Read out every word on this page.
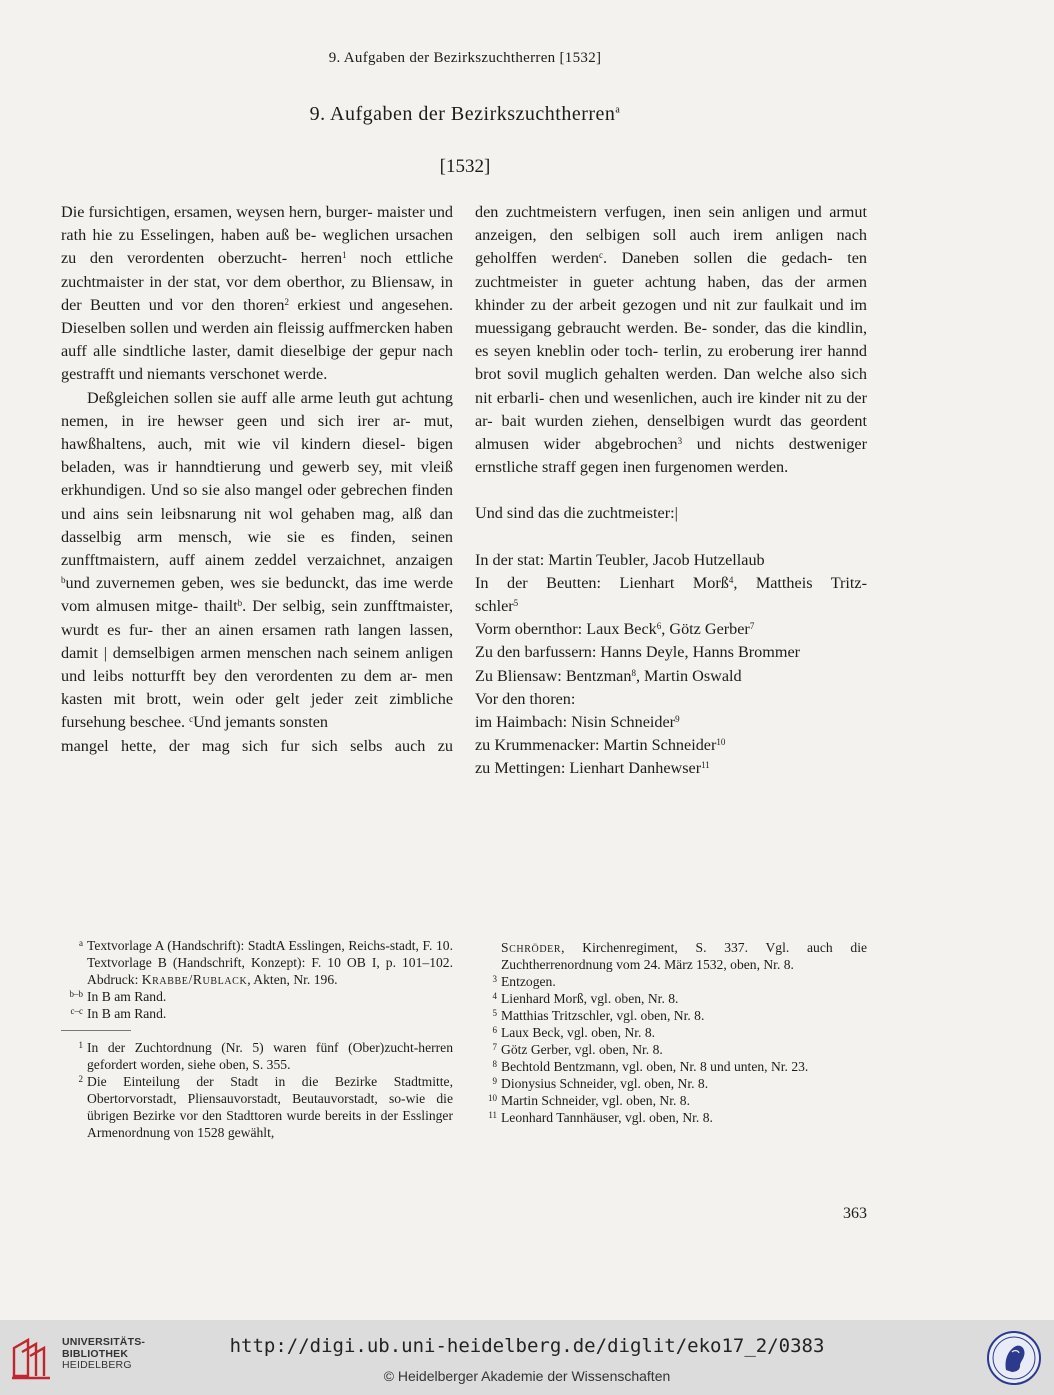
9. Aufgaben der Bezirkszuchtherren [1532]
9. Aufgaben der Bezirkszuchtherren$^a$
[1532]

Die fursichtigen, ersamen, weysen hern, burger- maister und rath hie zu Esselingen, haben auß be- weglichen ursachen zu den verordenten oberzucht- herren$^1$ noch ettliche zuchtmaister in der stat, vor dem oberthor, zu Bliensaw, in der Beutten und vor den thoren$^2$ erkiest und angesehen. Dieselben sollen und werden ain fleissig auffmercken haben auff alle sindtliche laster, damit dieselbige der gepur nach gestrafft und niemants verschonet werde.

Deßgleichen sollen sie auff alle arme leuth gut achtung nemen, in ire hewser geen und sich irer ar- mut, hawßhaltens, auch, mit wie vil kindern diesel- bigen beladen, was ir hanndtierung und gewerb sey, mit vleiß erkhundigen. Und so sie also mangel oder gebrechen finden und ains sein leibsnarung nit wol gehaben mag, alß dan dasselbig arm mensch, wie sie es finden, seinen zunfftmaistern, auff ainem zeddel verzaichnet, anzaigen $^b$und zuvernemen geben, wes sie bedunckt, das ime werde vom almusen mitge- thailt$^b$. Der selbig, sein zunfftmaister, wurdt es fur- ther an ainen ersamen rath langen lassen, damit | demselbigen armen menschen nach seinem anligen und leibs notturfft bey den verordenten zu dem ar- men kasten mit brott, wein oder gelt jeder zeit zimbliche fursehung beschee. $^c$Und jemants sonsten

mangel hette, der mag sich fur sich selbs auch zu

den zuchtmeistern verfugen, inen sein anligen und armut anzeigen, den selbigen soll auch irem anligen nach geholffen werden$^c$. Daneben sollen die gedach- ten zuchtmeister in gueter achtung haben, das der armen khinder zu der arbeit gezogen und nit zur faulkait und im muessigang gebraucht werden. Be- sonder, das die kindlin, es seyen kneblin oder toch- terlin, zu eroberung irer hannd brot sovil muglich gehalten werden. Dan welche also sich nit erbarli- chen und wesenlichen, auch ire kinder nit zu der ar- bait wurden ziehen, denselbigen wurdt das geordent almusen wider abgebrochen$^3$ und nichts destweniger ernstliche straff gegen inen furgenomen werden.

Und sind das die zuchtmeister:|

In der stat: Martin Teubler, Jacob Hutzellaub
In der Beutten: Lienhart Morß$^4$, Mattheis Tritz-
schler$^5$
Vorm obernthor: Laux Beck$^6$, Götz Gerber$^7$
Zu den barfussern: Hanns Deyle, Hanns Brommer
Zu Bliensaw: Bentzman$^8$, Martin Oswald
Vor den thoren:
im Haimbach: Nisin Schneider$^9$
zu Krummenacker: Martin Schneider$^{10}$
zu Mettingen: Lienhart Danhewser$^{11}$
a Textvorlage A (Handschrift): StadtA Esslingen, Reichs-stadt, F. 10. Textvorlage B (Handschrift, Konzept): F. 10 OB I, p. 101–102. Abdruck: Krabbe/Rublack, Akten, Nr. 196.
b–b In B am Rand.
c–c In B am Rand.
1 In der Zuchtordnung (Nr. 5) waren fünf (Ober)zucht-herren gefordert worden, siehe oben, S. 355.
2 Die Einteilung der Stadt in die Bezirke Stadtmitte, Obertorvorstadt, Pliensauvorstadt, Beutauvorstadt, so-wie die übrigen Bezirke vor den Stadttoren wurde bereits in der Esslinger Armenordnung von 1528 gewählt,
Schröder, Kirchenregiment, S. 337. Vgl. auch die Zuchtherrenordnung vom 24. März 1532, oben, Nr. 8.
3 Entzogen.
4 Lienhard Morß, vgl. oben, Nr. 8.
5 Matthias Tritzschler, vgl. oben, Nr. 8.
6 Laux Beck, vgl. oben, Nr. 8.
7 Götz Gerber, vgl. oben, Nr. 8.
8 Bechtold Bentzmann, vgl. oben, Nr. 8 und unten, Nr. 23.
9 Dionysius Schneider, vgl. oben, Nr. 8.
10 Martin Schneider, vgl. oben, Nr. 8.
11 Leonhard Tannhäuser, vgl. oben, Nr. 8.
363
UNIVERSITÄTS-
BIBLIOTHEK
HEIDELBERG
http://digi.ub.uni-heidelberg.de/diglit/eko17_2/0383
© Heidelberger Akademie der Wissenschaften
